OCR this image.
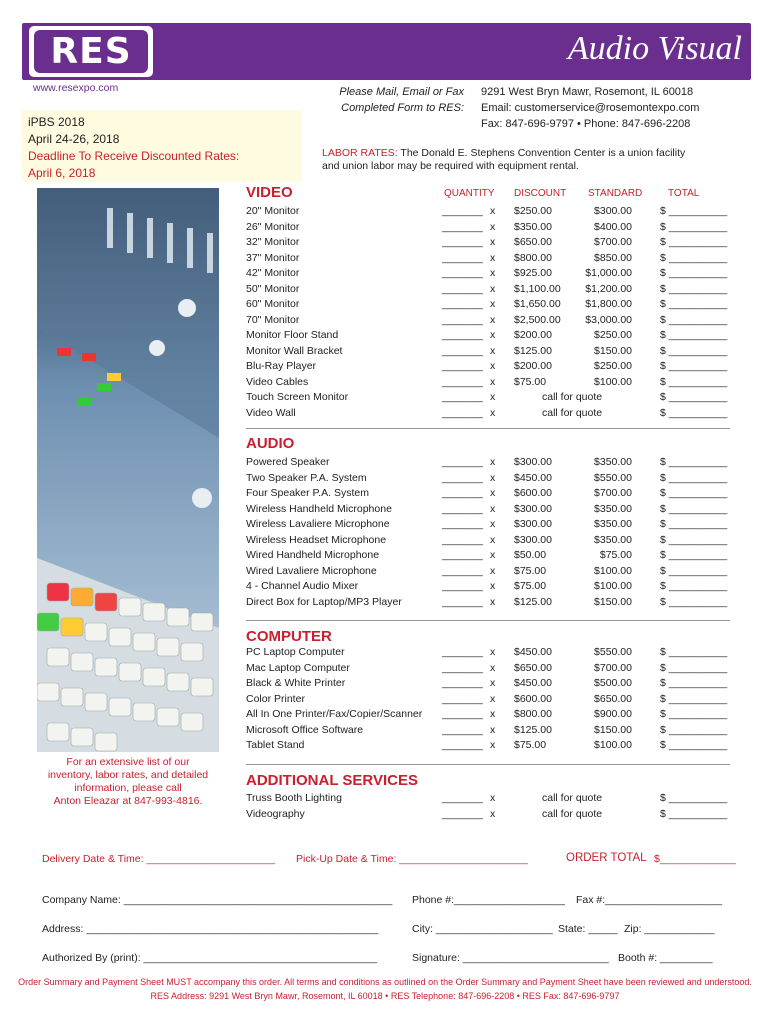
RES
www.resexpo.com
Audio Visual
iPBS 2018
April 24-26, 2018
Deadline To Receive Discounted Rates:
April 6, 2018
Please Mail, Email or Fax
Completed Form to RES:
9291 West Bryn Mawr, Rosemont, IL 60018
Email: customerservice@rosemontexpo.com
Fax: 847-696-9797 • Phone: 847-696-2208
LABOR RATES: The Donald E. Stephens Convention Center is a union facility
and union labor may be required with equipment rental.
For an extensive list of our
inventory, labor rates, and detailed
information, please call
Anton Eleazar at 847-993-4816.
QUANTITY DISCOUNT STANDARD	TOTAL
VIDEO
AUDIO
COMPUTER
ADDITIONAL SERVICES
20" Monitor	_______ x $250.00	$300.00	$ __________
26" Monitor	_______ x $350.00	$400.00	$ __________
32" Monitor	_______ x $650.00	$700.00	$ __________
37" Monitor	_______ x $800.00	$850.00	$ __________
42" Monitor	_______ x $925.00	$1,000.00	$ __________
50" Monitor	_______ x $1,100.00	$1,200.00	$ __________
60" Monitor	_______ x $1,650.00	$1,800.00	$ __________
70" Monitor	_______ x $2,500.00	$3,000.00	$ __________
Monitor Floor Stand	_______ x $200.00	$250.00	$ __________
Monitor Wall Bracket	_______ x $125.00	$150.00	$ __________
Blu-Ray Player	_______ x $200.00	$250.00	$ __________
Video Cables	_______ x $75.00	$100.00	$ __________
Touch Screen Monitor	_______ x	call for quote	$ __________
Video Wall	_______ x	call for quote	$ __________
Powered Speaker	_______ x $300.00	$350.00	$ __________
Two Speaker P.A. System	_______ x $450.00	$550.00	$ __________
Four Speaker P.A. System	_______ x $600.00	$700.00	$ __________
Wireless Handheld Microphone	_______ x $300.00	$350.00	$ __________
Wireless Lavaliere Microphone	_______ x $300.00	$350.00	$ __________
Wireless Headset Microphone	_______ x $300.00	$350.00	$ __________
Wired Handheld Microphone	_______ x $50.00	$75.00	$ __________
Wired Lavaliere Microphone	_______ x $75.00	$100.00	$ __________
4 - Channel Audio Mixer	_______ x $75.00	$100.00	$ __________
Direct Box for Laptop/MP3 Player	_______ x $125.00	$150.00	$ __________
PC Laptop Computer	_______ x $450.00	$550.00	$ __________
Mac Laptop Computer	_______ x $650.00	$700.00	$ __________
Black & White Printer	_______ x $450.00	$500.00	$ __________
Color Printer	_______ x $600.00	$650.00	$ __________
All In One Printer/Fax/Copier/Scanner _______ x $800.00	$900.00	$ __________
Microsoft Office Software	_______ x $125.00	$150.00	$ __________
Tablet Stand	_______ x $75.00	$100.00	$ __________
Truss Booth Lighting	_______ x	call for quote	$ __________
Videography	_______ x	call for quote	$ __________
Delivery Date & Time: ______________________ Pick-Up Date & Time: ______________________	ORDER TOTAL $_____________
Company Name: ______________________________________________ Phone #:___________________ Fax #:____________________
Address: __________________________________________________	City: ____________________ State: _____ Zip: ____________
Authorized By (print): ________________________________________	Signature: _________________________ Booth #: _________
Order Summary and Payment Sheet MUST accompany this order. All terms and conditions as outlined on the Order Summary and Payment Sheet have been reviewed and understood.
RES Address: 9291 West Bryn Mawr, Rosemont, IL 60018 • RES Telephone: 847-696-2208 • RES Fax: 847-696-9797
